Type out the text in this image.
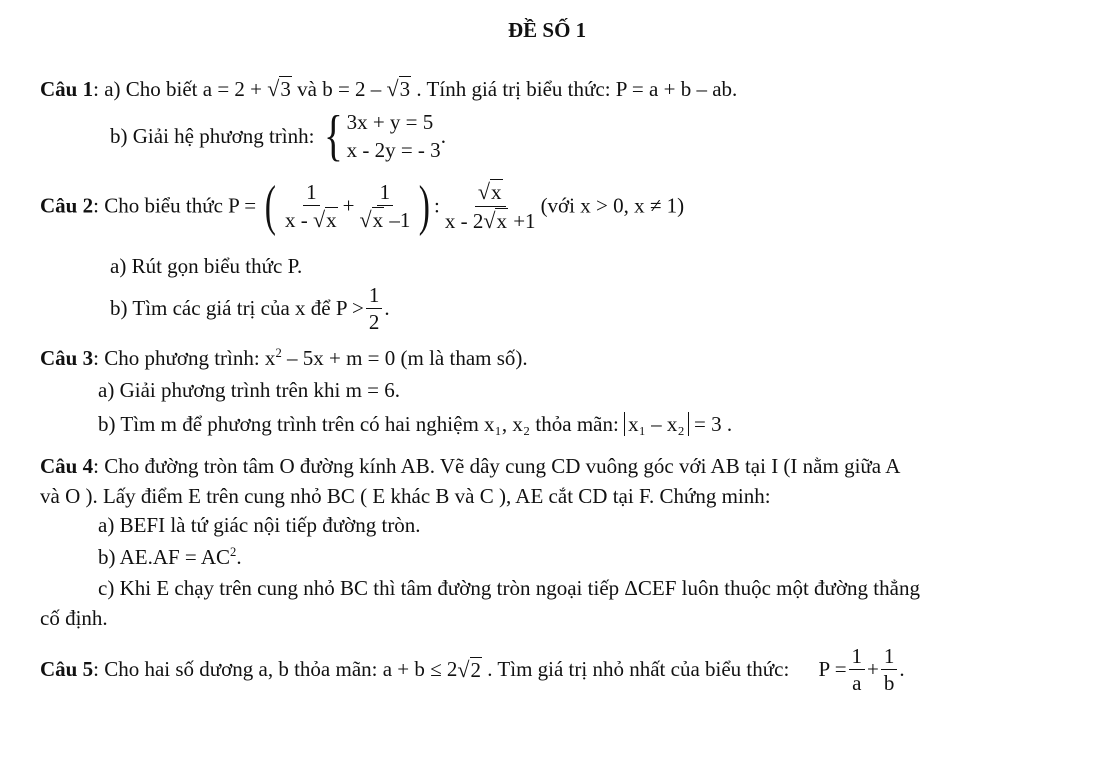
ĐỀ SỐ 1
Câu 1: a) Cho biết a = 2 + √3 và b = 2 – √3 . Tính giá trị biểu thức: P = a + b – ab.
b) Giải hệ phương trình: { 3x + y = 5
x - 2y = - 3
.
Câu 2: Cho biểu thức P = ( $\frac{1}{x - √x} + \frac{1}{√x -1}$ ) : $\frac{√x}{x - 2√x +1}$ (với x > 0, x ≠ 1)
a) Rút gọn biểu thức P.
b) Tìm các giá trị của x để $P > \frac{1}{2}$ .
Câu 3: Cho phương trình: $x^2 - 5x + m = 0$ (m là tham số).
a) Giải phương trình trên khi m = 6.
b) Tìm m để phương trình trên có hai nghiệm x₁, x₂ thỏa mãn: x₁ – x₂ = 3 .
Câu 4: Cho đường tròn tâm O đường kính AB. Vẽ dây cung CD vuông góc với AB tại I (I nằm giữa A
và O ). Lấy điểm E trên cung nhỏ BC ( E khác B và C ), AE cắt CD tại F. Chứng minh:
a) BEFI là tứ giác nội tiếp đường tròn.
b) $AE.AF = AC^2$.
c) Khi E chạy trên cung nhỏ BC thì tâm đường tròn ngoại tiếp ΔCEF luôn thuộc một đường thẳng
cố định.
Câu 5: Cho hai số dương a, b thỏa mãn: a + b ≤ 2√2 . Tìm giá trị nhỏ nhất của biểu thức: $P = \frac{1}{a} + \frac{1}{b}$ .
